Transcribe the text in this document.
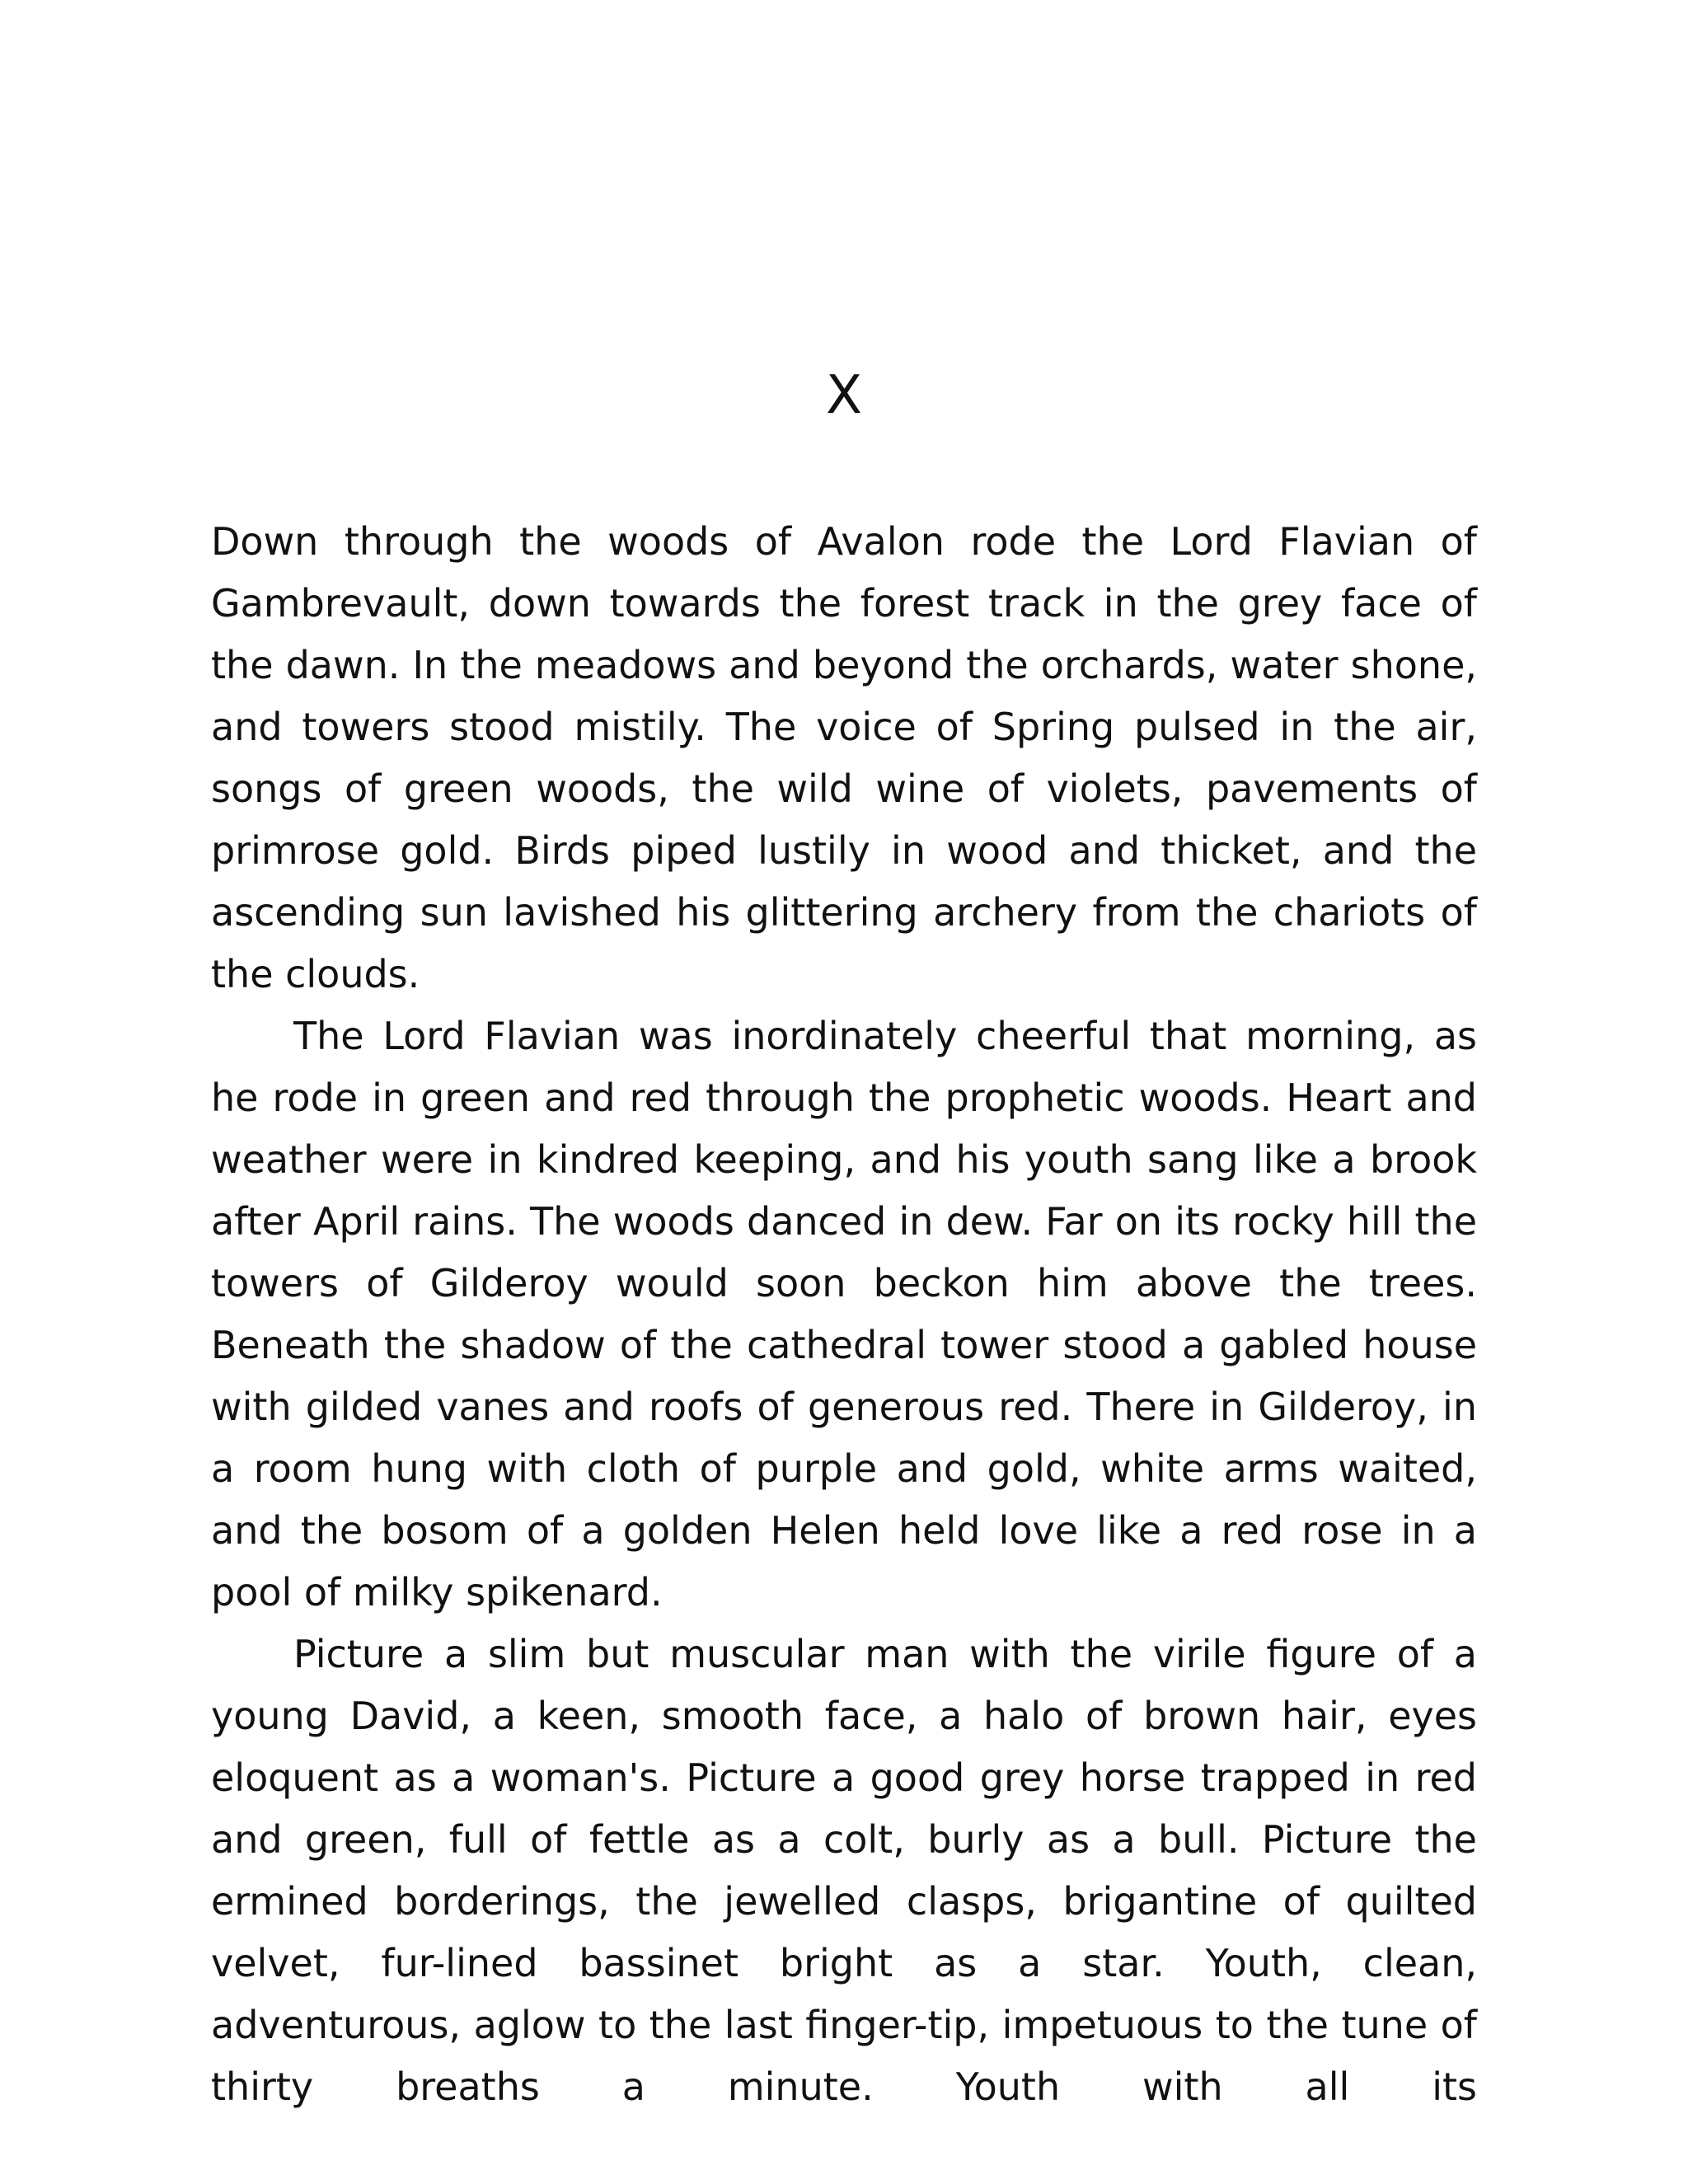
X

Down through the woods of Avalon rode the Lord Flavian of Gambrevault, down towards the forest track in the grey face of the dawn. In the meadows and beyond the orchards, water shone, and towers stood mistily. The voice of Spring pulsed in the air, songs of green woods, the wild wine of violets, pavements of primrose gold. Birds piped lustily in wood and thicket, and the ascending sun lavished his glittering archery from the chariots of the clouds.

The Lord Flavian was inordinately cheerful that morning, as he rode in green and red through the prophetic woods. Heart and weather were in kindred keeping, and his youth sang like a brook after April rains. The woods danced in dew. Far on its rocky hill the towers of Gilderoy would soon beckon him above the trees. Beneath the shadow of the cathedral tower stood a gabled house with gilded vanes and roofs of generous red. There in Gilderoy, in a room hung with cloth of purple and gold, white arms waited, and the bosom of a golden Helen held love like a red rose in a pool of milky spikenard.

Picture a slim but muscular man with the virile figure of a young David, a keen, smooth face, a halo of brown hair, eyes eloquent as a woman's. Picture a good grey horse trapped in red and green, full of fettle as a colt, burly as a bull. Picture the ermined borderings, the jewelled clasps, brigantine of quilted velvet, fur-lined bassinet bright as a star. Youth, clean, adventurous, aglow to the last finger-tip, impetuous to the tune of thirty breaths a minute. Youth with all its
